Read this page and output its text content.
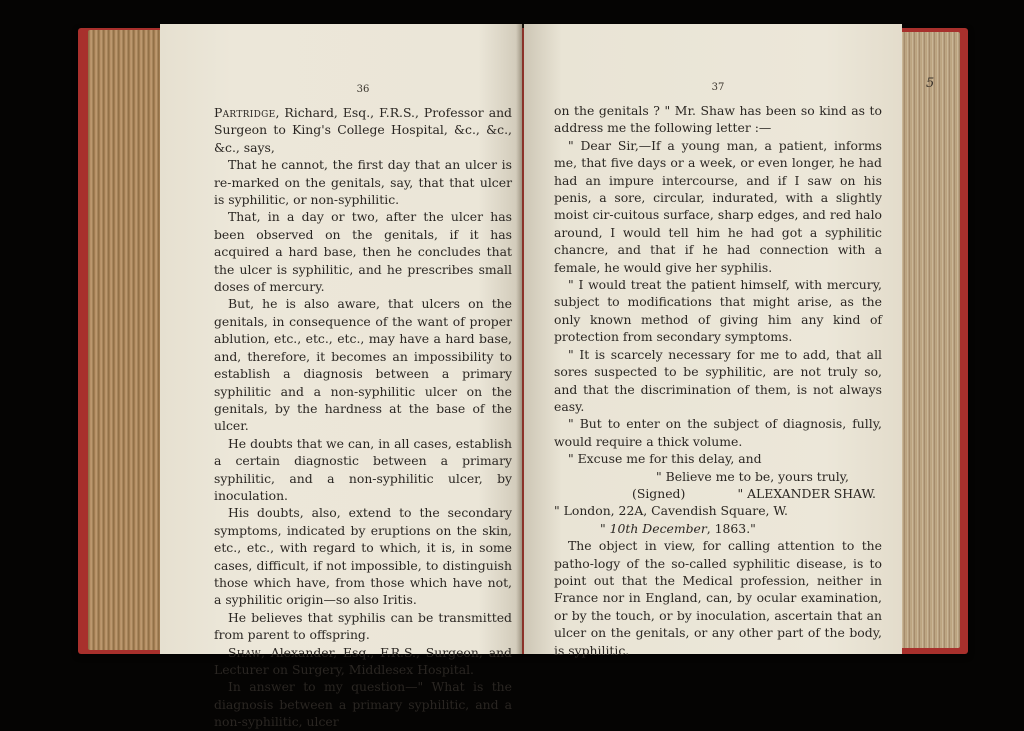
36

Partridge, Richard, Esq., F.R.S., Professor and Surgeon to King's College Hospital, &c., &c., &c., says,

That he cannot, the first day that an ulcer is re-marked on the genitals, say, that that ulcer is syphilitic, or non-syphilitic.

That, in a day or two, after the ulcer has been observed on the genitals, if it has acquired a hard base, then he concludes that the ulcer is syphilitic, and he prescribes small doses of mercury.

But, he is also aware, that ulcers on the genitals, in consequence of the want of proper ablution, etc., etc., etc., may have a hard base, and, therefore, it becomes an impossibility to establish a diagnosis between a primary syphilitic and a non-syphilitic ulcer on the genitals, by the hardness at the base of the ulcer.

He doubts that we can, in all cases, establish a certain diagnostic between a primary syphilitic, and a non-syphilitic ulcer, by inoculation.

His doubts, also, extend to the secondary symptoms, indicated by eruptions on the skin, etc., etc., with regard to which, it is, in some cases, difficult, if not impossible, to distinguish those which have, from those which have not, a syphilitic origin—so also Iritis.

He believes that syphilis can be transmitted from parent to offspring.

Shaw, Alexander, Esq., F.R.S., Surgeon, and Lecturer on Surgery, Middlesex Hospital.

In answer to my question—" What is the diagnosis between a primary syphilitic, and a non-syphilitic, ulcer

37

on the genitals ? " Mr. Shaw has been so kind as to address me the following letter :—

" Dear Sir,—If a young man, a patient, informs me, that five days or a week, or even longer, he had had an impure intercourse, and if I saw on his penis, a sore, circular, indurated, with a slightly moist cir-cuitous surface, sharp edges, and red halo around, I would tell him he had got a syphilitic chancre, and that if he had connection with a female, he would give her syphilis.

" I would treat the patient himself, with mercury, subject to modifications that might arise, as the only known method of giving him any kind of protection from secondary symptoms.

" It is scarcely necessary for me to add, that all sores suspected to be syphilitic, are not truly so, and that the discrimination of them, is not always easy.

" But to enter on the subject of diagnosis, fully, would require a thick volume.

" Excuse me for this delay, and

" Believe me to be, yours truly,

(Signed)	" ALEXANDER SHAW.

" London, 22A, Cavendish Square, W.

" 10th December, 1863."

The object in view, for calling attention to the patho-logy of the so-called syphilitic disease, is to point out that the Medical profession, neither in France nor in England, can, by ocular examination, or by the touch, or by inoculation, ascertain that an ulcer on the genitals, or any other part of the body, is syphilitic.

5
